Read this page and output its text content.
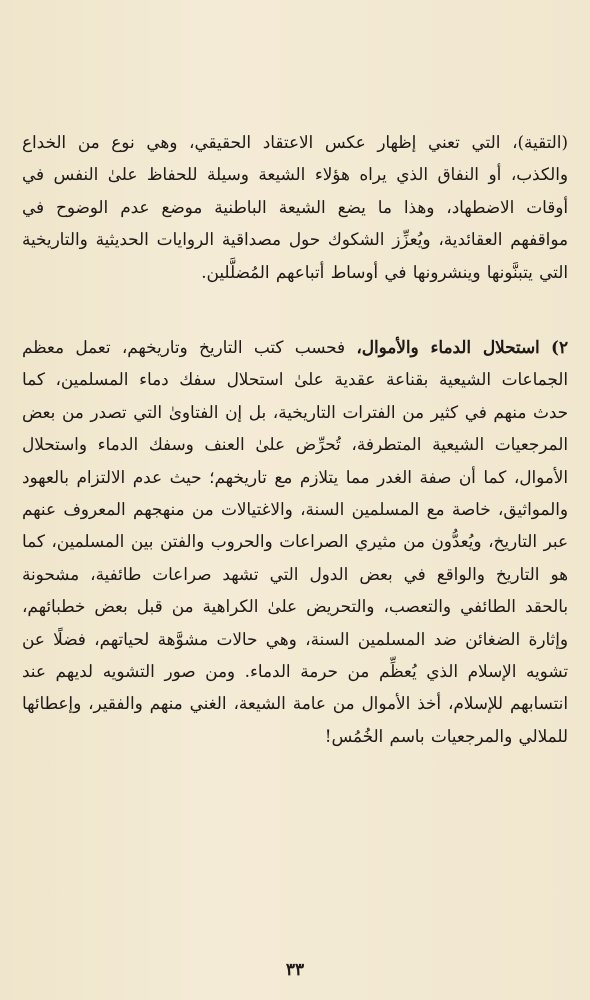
(التقية)، التي تعني إظهار عكس الاعتقاد الحقيقي، وهي نوع من الخداع والكذب، أو النفاق الذي يراه هؤلاء الشيعة وسيلة للحفاظ علىٰ النفس في أوقات الاضطهاد، وهذا ما يضع الشيعة الباطنية موضع عدم الوضوح في مواقفهم العقائدية، ويُعزِّز الشكوك حول مصداقية الروايات الحديثية والتاريخية التي يتبنَّونها وينشرونها في أوساط أتباعهم المُضلَّلين.

٢) استحلال الدماء والأموال، فحسب كتب التاريخ وتاريخهم، تعمل معظم الجماعات الشيعية بقناعة عقدية علىٰ استحلال سفك دماء المسلمين، كما حدث منهم في كثير من الفترات التاريخية، بل إن الفتاوىٰ التي تصدر من بعض المرجعيات الشيعية المتطرفة، تُحرِّض علىٰ العنف وسفك الدماء واستحلال الأموال، كما أن صفة الغدر مما يتلازم مع تاريخهم؛ حيث عدم الالتزام بالعهود والمواثيق، خاصة مع المسلمين السنة، والاغتيالات من منهجهم المعروف عنهم عبر التاريخ، ويُعدُّون من مثيري الصراعات والحروب والفتن بين المسلمين، كما هو التاريخ والواقع في بعض الدول التي تشهد صراعات طائفية، مشحونة بالحقد الطائفي والتعصب، والتحريض علىٰ الكراهية من قبل بعض خطبائهم، وإثارة الضغائن ضد المسلمين السنة، وهي حالات مشوَّهة لحياتهم، فضلًا عن تشويه الإسلام الذي يُعظِّم من حرمة الدماء. ومن صور التشويه لديهم عند انتسابهم للإسلام، أخذ الأموال من عامة الشيعة، الغني منهم والفقير، وإعطائها للملالي والمرجعيات باسم الخُمُس!

٣٣
